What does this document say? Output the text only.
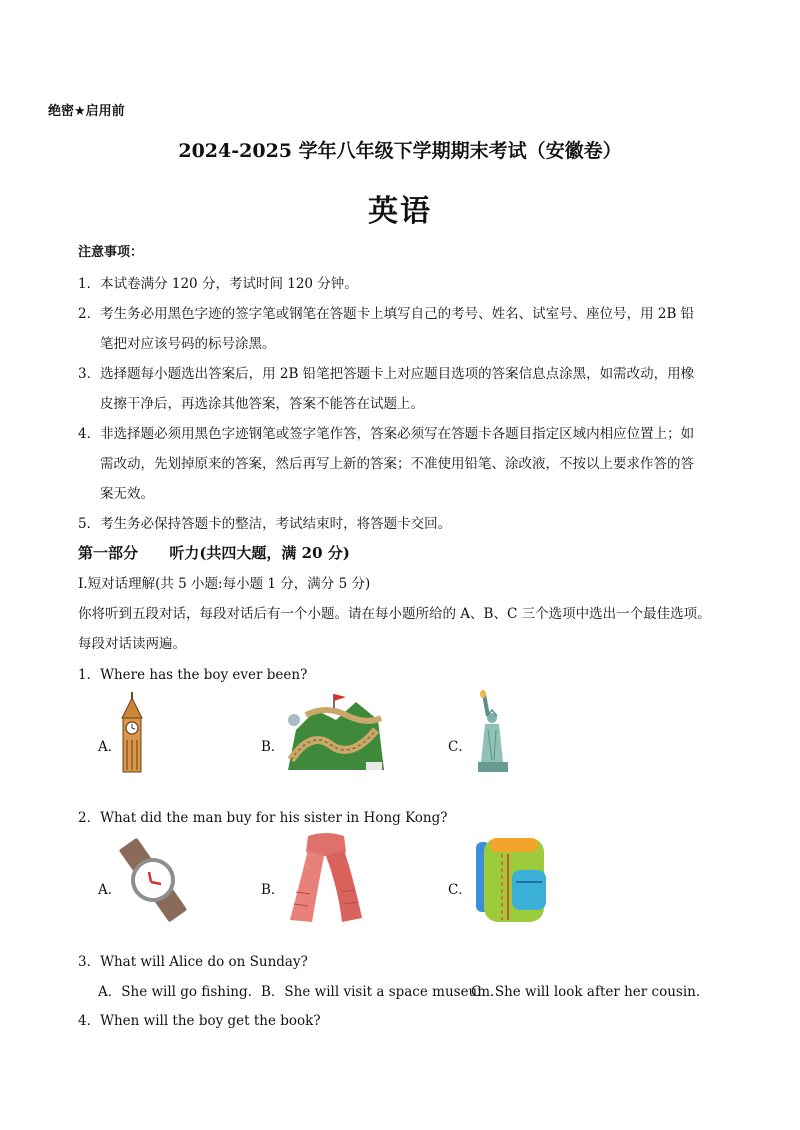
绝密★启用前
2024-2025 学年八年级下学期期末考试（安徽卷）
英语
注意事项：
1．本试卷满分 120 分，考试时间 120 分钟。
2．考生务必用黑色字迹的签字笔或钢笔在答题卡上填写自己的考号、姓名、试室号、座位号，用 2B 铅
笔把对应该号码的标号涂黑。
3．选择题每小题选出答案后，用 2B 铅笔把答题卡上对应题目选项的答案信息点涂黑，如需改动，用橡
皮擦干净后，再选涂其他答案，答案不能答在试题上。
4．非选择题必须用黑色字迹钢笔或签字笔作答，答案必须写在答题卡各题目指定区域内相应位置上；如
需改动，先划掉原来的答案，然后再写上新的答案；不准使用铅笔、涂改液，不按以上要求作答的答
案无效。
5．考生务必保持答题卡的整洁，考试结束时，将答题卡交回。
第一部分      听力(共四大题，满 20 分)
I.短对话理解(共 5 小题:每小题 1 分，满分 5 分)
你将听到五段对话，每段对话后有一个小题。请在每小题所给的 A、B、C 三个选项中选出一个最佳选项。
每段对话读两遍。
1．Where has the boy ever been?
A．	B．	C．
2．What did the man buy for his sister in Hong Kong?
A．	B．	C．
3．What will Alice do on Sunday?
A．She will go fishing. B．She will visit a space museum.
C．She will look after her cousin.
4．When will the boy get the book?
